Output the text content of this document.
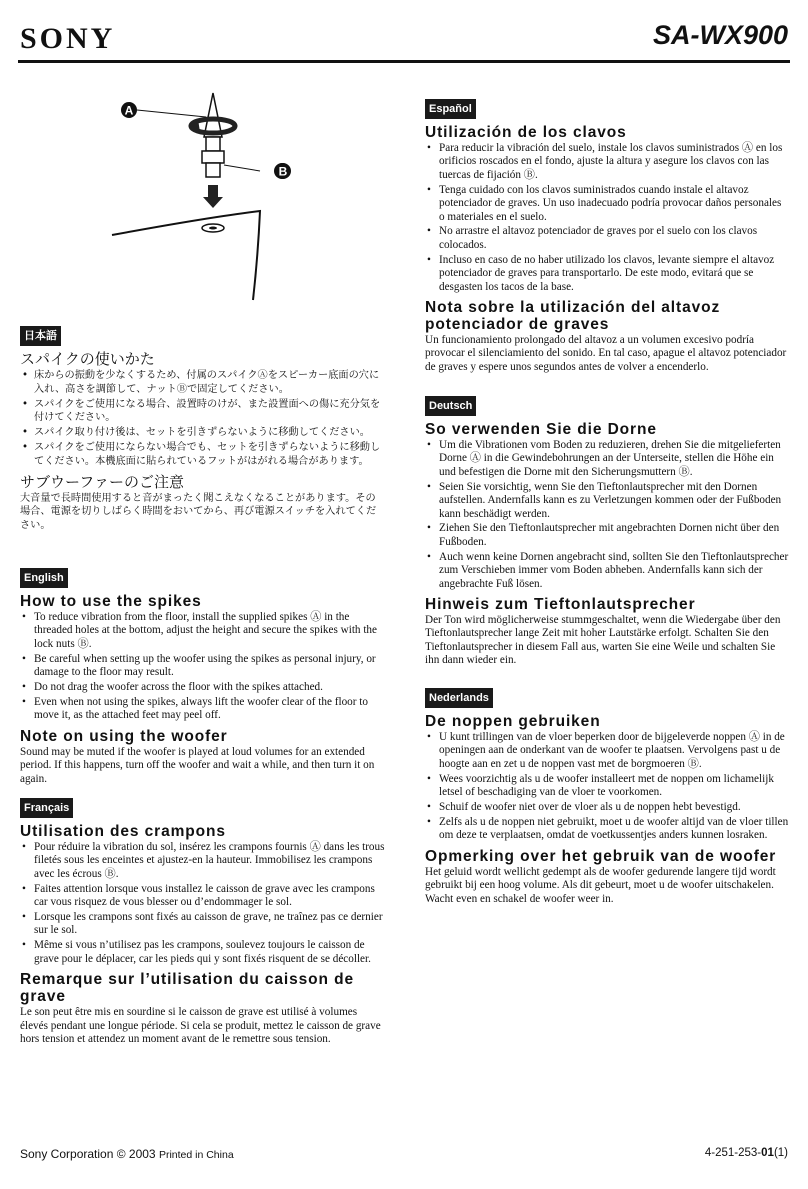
SONY	SA-WX900
A
B
日本語
スパイクの使いかた
• 床からの振動を少なくするため、付属のスパイクⒶをスピーカー底面の穴に入れ、高さを調節して、ナットⒷで固定してください。
• スパイクをご使用になる場合、設置時のけが、また設置面への傷に充分気を付けてください。
• スパイク取り付け後は、セットを引きずらないように移動してください。
• スパイクをご使用にならない場合でも、セットを引きずらないように移動してください。本機底面に貼られているフットがはがれる場合があります。
サブウーファーのご注意

大音量で長時間使用すると音がまったく聞こえなくなることがあります。その場合、電源を切りしばらく時間をおいてから、再び電源スイッチを入れてください。

English
How to use the spikes
• To reduce vibration from the floor, install the supplied spikes Ⓐ in the threaded holes at the bottom, adjust the height and secure the spikes with the lock nuts Ⓑ.
• Be careful when setting up the woofer using the spikes as personal injury, or damage to the floor may result.
• Do not drag the woofer across the floor with the spikes attached.
• Even when not using the spikes, always lift the woofer clear of the floor to move it, as the attached feet may peel off.
Note on using the woofer

Sound may be muted if the woofer is played at loud volumes for an extended period. If this happens, turn off the woofer and wait a while, and then turn it on again.

Français
Utilisation des crampons
• Pour réduire la vibration du sol, insérez les crampons fournis Ⓐ dans les trous filetés sous les enceintes et ajustez-en la hauteur. Immobilisez les crampons avec les écrous Ⓑ.
• Faites attention lorsque vous installez le caisson de grave avec les crampons car vous risquez de vous blesser ou d’endommager le sol.
• Lorsque les crampons sont fixés au caisson de grave, ne traînez pas ce dernier sur le sol.
• Même si vous n’utilisez pas les crampons, soulevez toujours le caisson de grave pour le déplacer, car les pieds qui y sont fixés risquent de se décoller.
Remarque sur l’utilisation du caisson de grave

Le son peut être mis en sourdine si le caisson de grave est utilisé à volumes élevés pendant une longue période. Si cela se produit, mettez le caisson de grave hors tension et attendez un moment avant de le remettre sous tension.

Español
Utilización de los clavos
• Para reducir la vibración del suelo, instale los clavos suministrados Ⓐ en los orificios roscados en el fondo, ajuste la altura y asegure los clavos con las tuercas de fijación Ⓑ.
• Tenga cuidado con los clavos suministrados cuando instale el altavoz potenciador de graves. Un uso inadecuado podría provocar daños personales o materiales en el suelo.
• No arrastre el altavoz potenciador de graves por el suelo con los clavos colocados.
• Incluso en caso de no haber utilizado los clavos, levante siempre el altavoz potenciador de graves para transportarlo. De este modo, evitará que se desgasten los tacos de la base.
Nota sobre la utilización del altavoz potenciador de graves

Un funcionamiento prolongado del altavoz a un volumen excesivo podría provocar el silenciamiento del sonido. En tal caso, apague el altavoz potenciador de graves y espere unos segundos antes de volver a encenderlo.

Deutsch
So verwenden Sie die Dorne
• Um die Vibrationen vom Boden zu reduzieren, drehen Sie die mitgelieferten Dorne Ⓐ in die Gewindebohrungen an der Unterseite, stellen die Höhe ein und befestigen die Dorne mit den Sicherungsmuttern Ⓑ.
• Seien Sie vorsichtig, wenn Sie den Tieftonlautsprecher mit den Dornen aufstellen. Andernfalls kann es zu Verletzungen kommen oder der Fußboden kann beschädigt werden.
• Ziehen Sie den Tieftonlautsprecher mit angebrachten Dornen nicht über den Fußboden.
• Auch wenn keine Dornen angebracht sind, sollten Sie den Tieftonlautsprecher zum Verschieben immer vom Boden abheben. Andernfalls kann sich der angebrachte Fuß lösen.
Hinweis zum Tieftonlautsprecher

Der Ton wird möglicherweise stummgeschaltet, wenn die Wiedergabe über den Tieftonlautsprecher lange Zeit mit hoher Lautstärke erfolgt. Schalten Sie den Tieftonlautsprecher in diesem Fall aus, warten Sie eine Weile und schalten Sie ihn dann wieder ein.

Nederlands
De noppen gebruiken
• U kunt trillingen van de vloer beperken door de bijgeleverde noppen Ⓐ in de openingen aan de onderkant van de woofer te plaatsen. Vervolgens past u de hoogte aan en zet u de noppen vast met de borgmoeren Ⓑ.
• Wees voorzichtig als u de woofer installeert met de noppen om lichamelijk letsel of beschadiging van de vloer te voorkomen.
• Schuif de woofer niet over de vloer als u de noppen hebt bevestigd.
• Zelfs als u de noppen niet gebruikt, moet u de woofer altijd van de vloer tillen om deze te verplaatsen, omdat de voetkussentjes anders kunnen losraken.
Opmerking over het gebruik van de woofer

Het geluid wordt wellicht gedempt als de woofer gedurende langere tijd wordt gebruikt bij een hoog volume. Als dit gebeurt, moet u de woofer uitschakelen. Wacht even en schakel de woofer weer in.

Sony Corporation © 2003 Printed in China	4-251-253-01(1)
